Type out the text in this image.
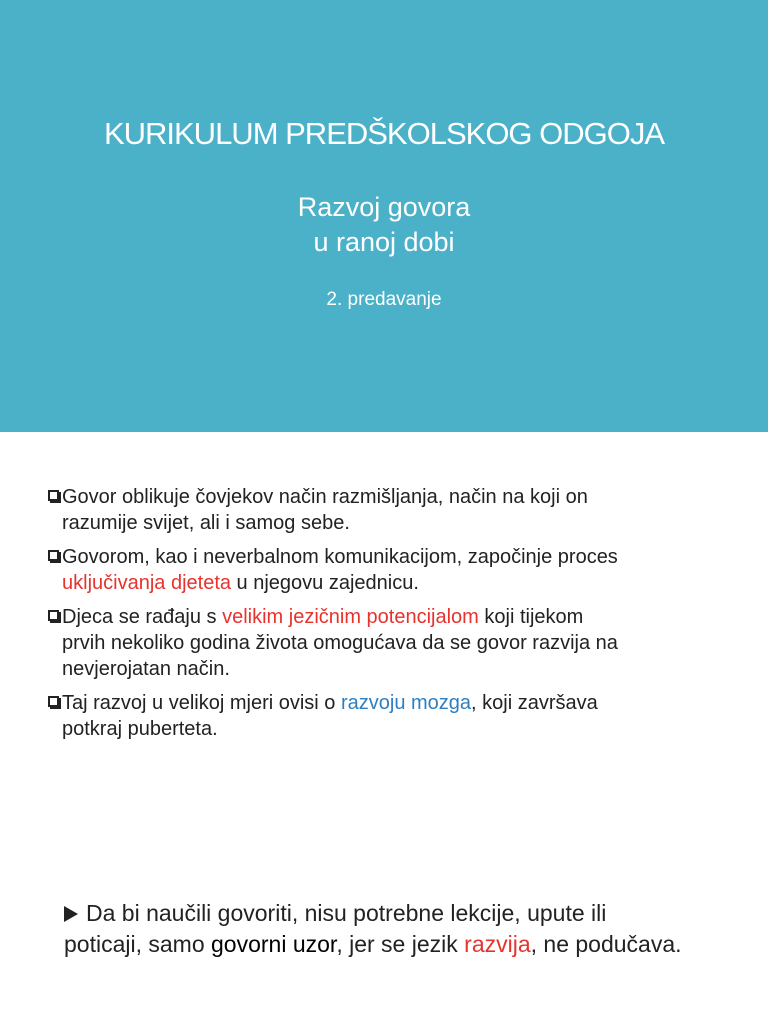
KURIKULUM PREDŠKOLSKOG ODGOJA
Razvoj govora
u ranoj dobi
2. predavanje
Govor oblikuje čovjekov način razmišljanja, način na koji on razumije svijet, ali i samog sebe.
Govorom, kao i neverbalnom komunikacijom, započinje proces uključivanja djeteta u njegovu zajednicu.
Djeca se rađaju s velikim jezičnim potencijalom koji tijekom prvih nekoliko godina života omogućava da se govor razvija na nevjerojatan način.
Taj razvoj u velikoj mjeri ovisi o razvoju mozga, koji završava potkraj puberteta.
Da bi naučili govoriti, nisu potrebne lekcije, upute ili poticaji, samo govorni uzor, jer se jezik razvija, ne podučava.
